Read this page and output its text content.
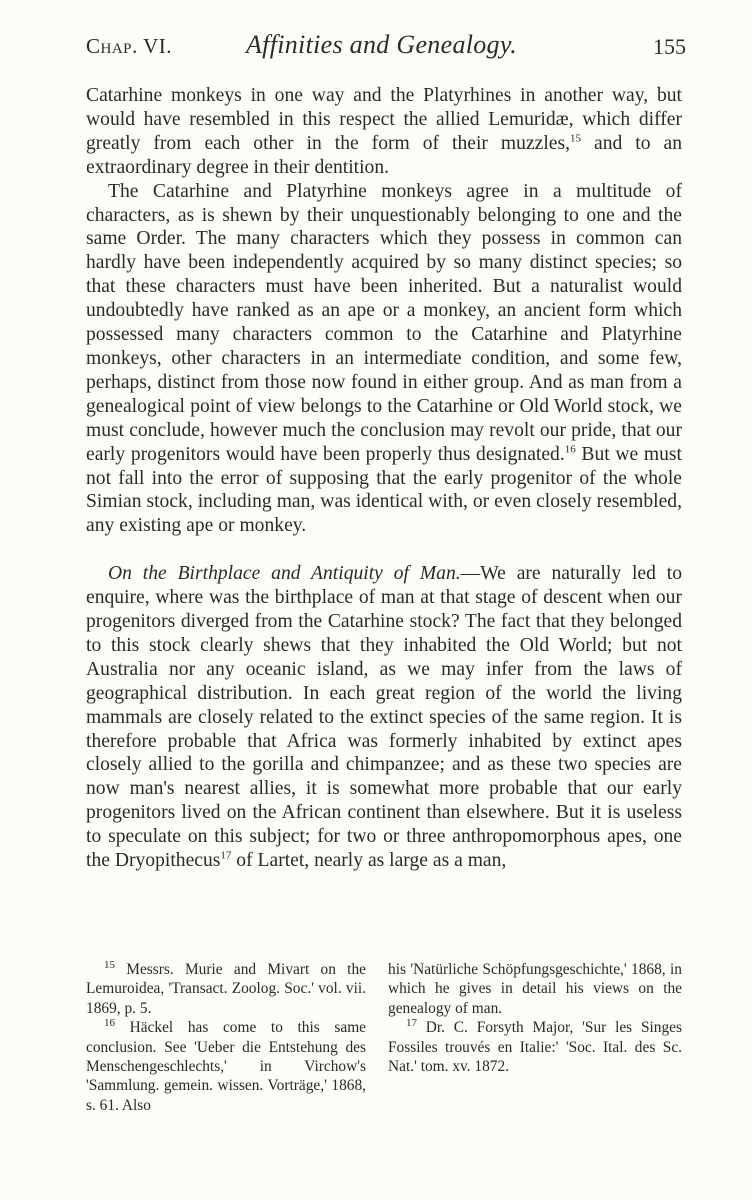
Chap. VI.	Affinities and Genealogy.	155

Catarhine monkeys in one way and the Platyrhines in another way, but would have resembled in this respect the allied Lemuridæ, which differ greatly from each other in the form of their muzzles,$^{15}$ and to an extraordinary degree in their dentition.

The Catarhine and Platyrhine monkeys agree in a multitude of characters, as is shewn by their unquestionably belonging to one and the same Order. The many characters which they possess in common can hardly have been independently acquired by so many distinct species; so that these characters must have been inherited. But a naturalist would undoubtedly have ranked as an ape or a monkey, an ancient form which possessed many characters common to the Catarhine and Platyrhine monkeys, other characters in an intermediate condition, and some few, perhaps, distinct from those now found in either group. And as man from a genealogical point of view belongs to the Catarhine or Old World stock, we must conclude, however much the conclusion may revolt our pride, that our early progenitors would have been properly thus designated.$^{16}$ But we must not fall into the error of supposing that the early progenitor of the whole Simian stock, including man, was identical with, or even closely resembled, any existing ape or monkey.

On the Birthplace and Antiquity of Man.—We are naturally led to enquire, where was the birthplace of man at that stage of descent when our progenitors diverged from the Catarhine stock? The fact that they belonged to this stock clearly shews that they inhabited the Old World; but not Australia nor any oceanic island, as we may infer from the laws of geographical distribution. In each great region of the world the living mammals are closely related to the extinct species of the same region. It is therefore probable that Africa was formerly inhabited by extinct apes closely allied to the gorilla and chimpanzee; and as these two species are now man's nearest allies, it is somewhat more probable that our early progenitors lived on the African continent than elsewhere. But it is useless to speculate on this subject; for two or three anthropomorphous apes, one the Dryopithecus$^{17}$ of Lartet, nearly as large as a man,

$^{15}$ Messrs. Murie and Mivart on the Lemuroidea, 'Transact. Zoolog. Soc.' vol. vii. 1869, p. 5.

$^{16}$ Häckel has come to this same conclusion. See 'Ueber die Entstehung des Menschengeschlechts,' in Virchow's 'Sammlung. gemein. wissen. Vorträge,' 1868, s. 61. Also

his 'Natürliche Schöpfungsgeschichte,' 1868, in which he gives in detail his views on the genealogy of man.

$^{17}$ Dr. C. Forsyth Major, 'Sur les Singes Fossiles trouvés en Italie:' 'Soc. Ital. des Sc. Nat.' tom. xv. 1872.
